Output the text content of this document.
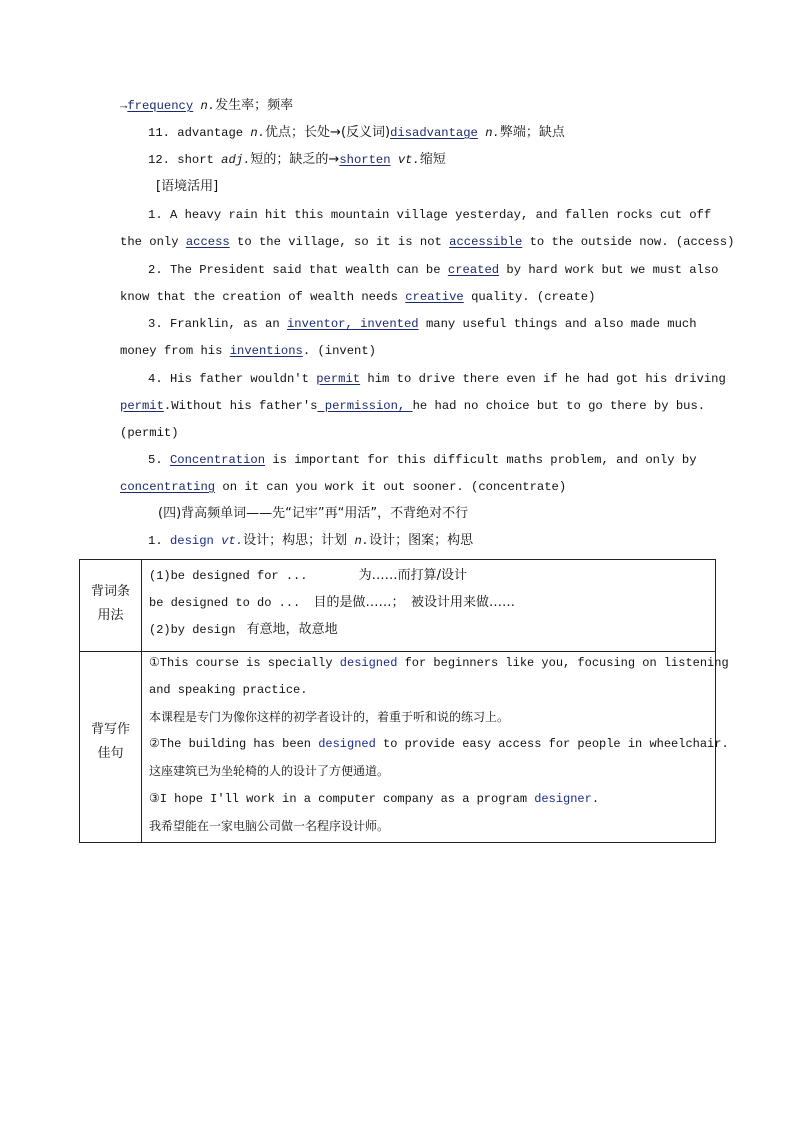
→frequency n.发生率；频率
11. advantage n.优点；长处→(反义词)disadvantage n.弊端；缺点
12. short adj.短的；缺乏的→shorten vt.缩短
[语境活用]
1. A heavy rain hit this mountain village yesterday, and fallen rocks cut off
the only access to the village, so it is not accessible to the outside now. (access)
2. The President said that wealth can be created by hard work but we must also
know that the creation of wealth needs creative quality. (create)
3. Franklin, as an inventor, invented many useful things and also made much
money from his inventions. (invent)
4. His father wouldn't permit him to drive there even if he had got his driving
permit.Without his father's permission, he had no choice but to go there by bus.
(permit)
5. Concentration is important for this difficult maths problem, and only by
concentrating on it can you work it out sooner. (concentrate)
(四)背高频单词——先“记牢”再“用活”，不背绝对不行
1. design vt.设计；构思；计划 n.设计；图案；构思
背词条
用法
(1)be designed for ...	为……而打算/设计
be designed to do ... 目的是做……；　被设计用来做……
(2)by design 有意地，故意地
背写作
佳句
①This course is specially designed for beginners like you, focusing on listening
and speaking practice.
本课程是专门为像你这样的初学者设计的，着重于听和说的练习上。
②The building has been designed to provide easy access for people in wheelchair.
这座建筑已为坐轮椅的人的设计了方便通道。
③I hope I'll work in a computer company as a program designer.
我希望能在一家电脑公司做一名程序设计师。
